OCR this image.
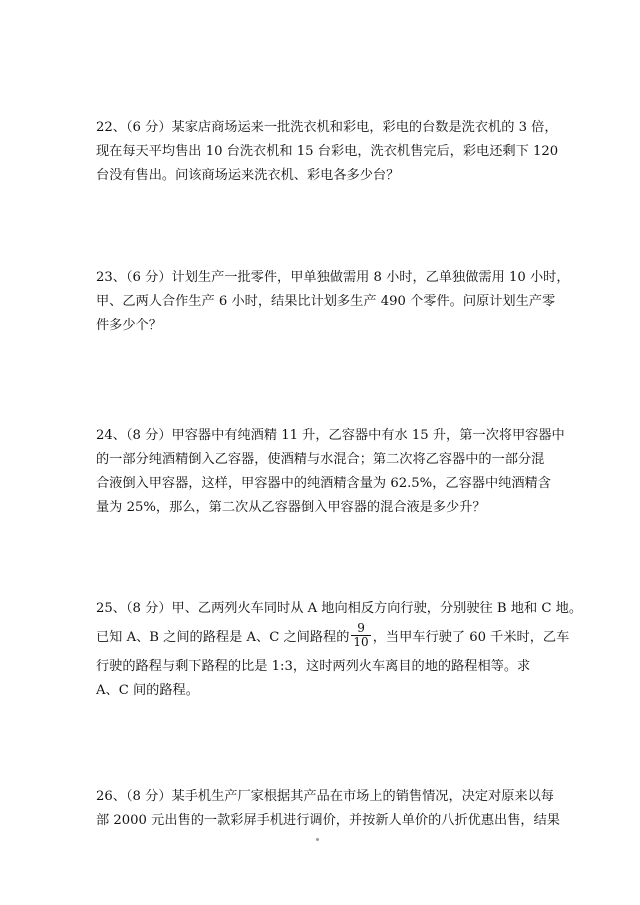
22、（6 分）某家店商场运来一批洗衣机和彩电，彩电的台数是洗衣机的 3 倍，
现在每天平均售出 10 台洗衣机和 15 台彩电，洗衣机售完后，彩电还剩下 120
台没有售出。问该商场运来洗衣机、彩电各多少台？
23、（6 分）计划生产一批零件，甲单独做需用 8 小时，乙单独做需用 10 小时，
甲、乙两人合作生产 6 小时，结果比计划多生产 490 个零件。问原计划生产零
件多少个？
24、（8 分）甲容器中有纯酒精 11 升，乙容器中有水 15 升，第一次将甲容器中
的一部分纯酒精倒入乙容器，使酒精与水混合；第二次将乙容器中的一部分混
合液倒入甲容器，这样，甲容器中的纯酒精含量为 62.5%，乙容器中纯酒精含
量为 25%，那么，第二次从乙容器倒入甲容器的混合液是多少升？
25、（8 分）甲、乙两列火车同时从 A 地向相反方向行驶，分别驶往 B 地和 C 地。
已知 A、B 之间的路程是 A、C 之间路程的 $\frac{9}{10}$ ，当甲车行驶了 60 千米时，乙车
行驶的路程与剩下路程的比是 1:3，这时两列火车离目的地的路程相等。求
A、C 间的路程。
26、（8 分）某手机生产厂家根据其产品在市场上的销售情况，决定对原来以每
部 2000 元出售的一款彩屏手机进行调价，并按新人单价的八折优惠出售，结果
